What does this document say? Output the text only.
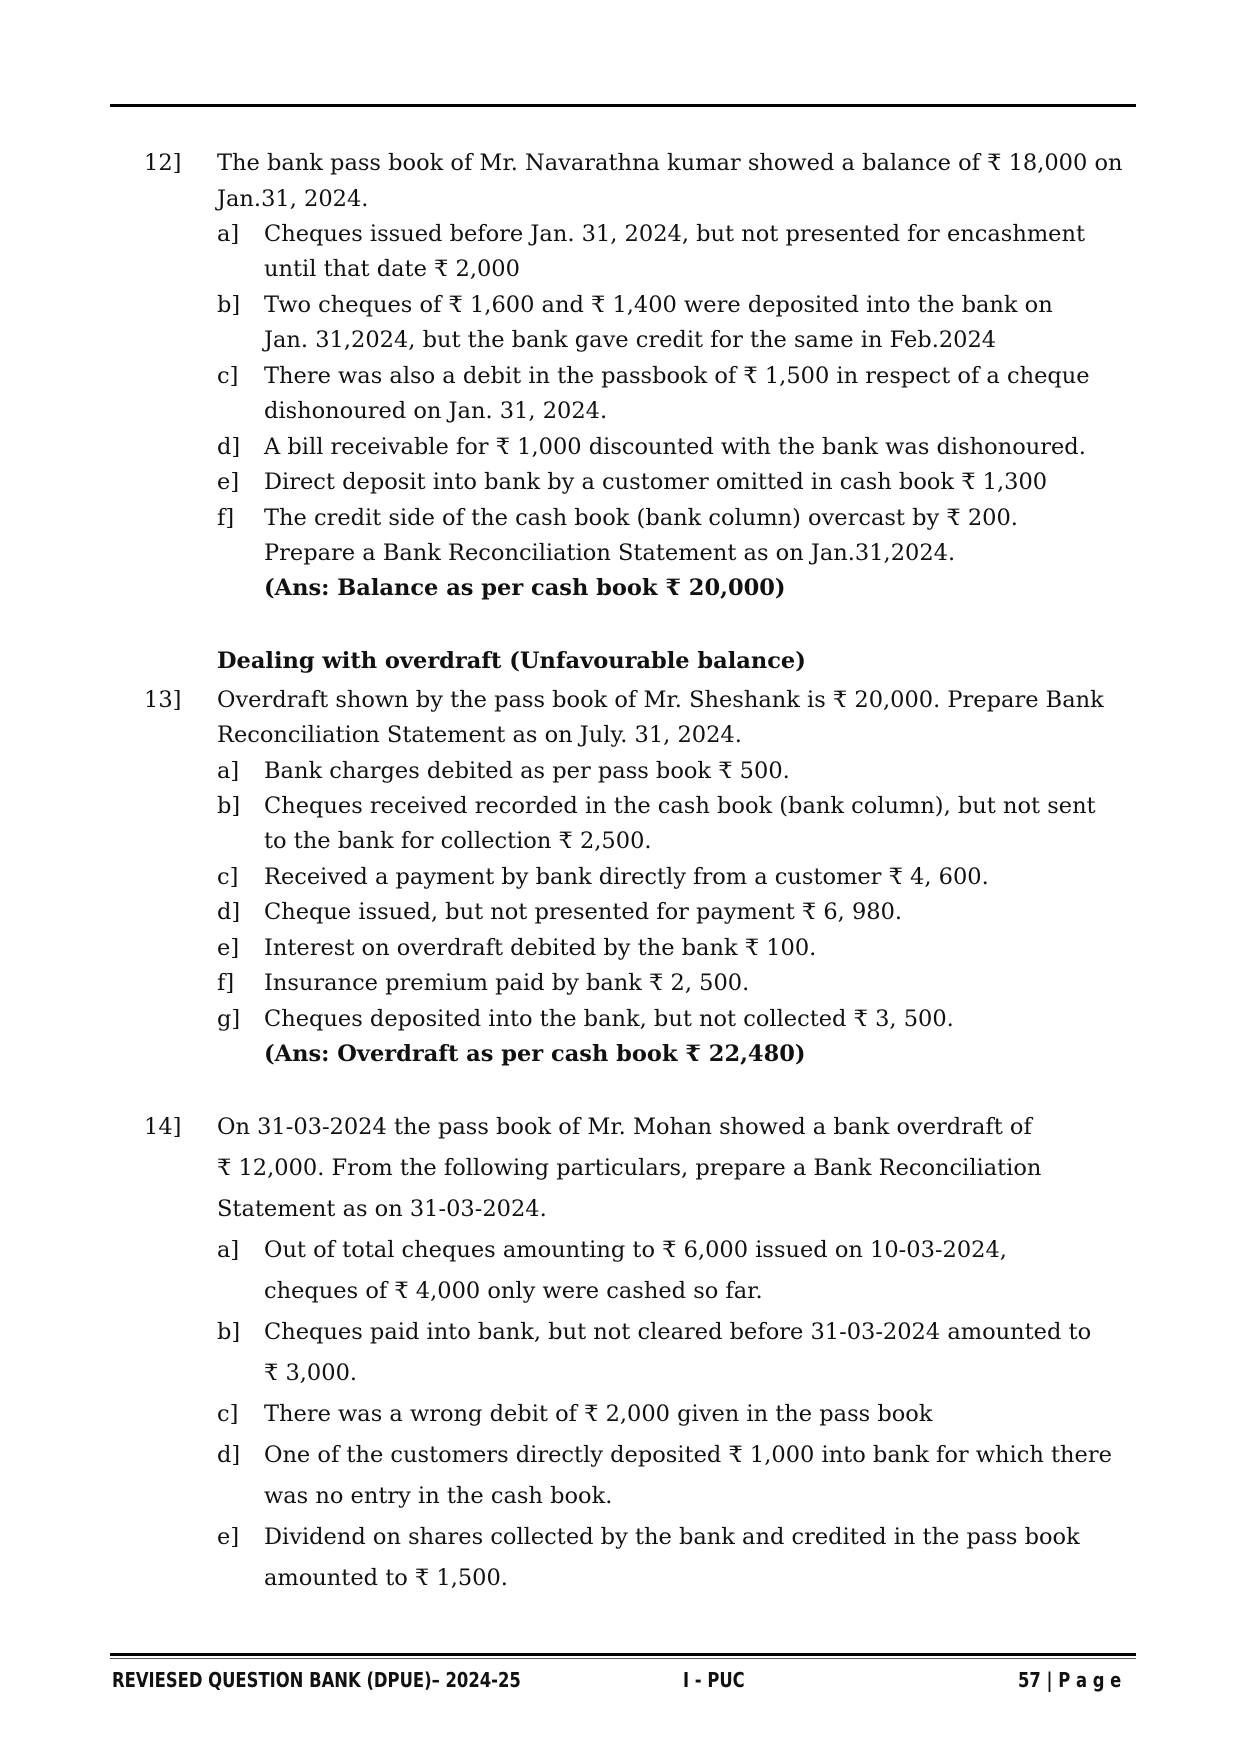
12] The bank pass book of Mr. Navarathna kumar showed a balance of ₹ 18,000 on
Jan.31, 2024.
a] Cheques issued before Jan. 31, 2024, but not presented for encashment
until that date ₹ 2,000
b] Two cheques of ₹ 1,600 and ₹ 1,400 were deposited into the bank on
Jan. 31,2024, but the bank gave credit for the same in Feb.2024
c] There was also a debit in the passbook of ₹ 1,500 in respect of a cheque
dishonoured on Jan. 31, 2024.
d] A bill receivable for ₹ 1,000 discounted with the bank was dishonoured.
e] Direct deposit into bank by a customer omitted in cash book ₹ 1,300
f] The credit side of the cash book (bank column) overcast by ₹ 200.
Prepare a Bank Reconciliation Statement as on Jan.31,2024.
(Ans: Balance as per cash book ₹ 20,000)
Dealing with overdraft (Unfavourable balance)
13] Overdraft shown by the pass book of Mr. Sheshank is ₹ 20,000. Prepare Bank
Reconciliation Statement as on July. 31, 2024.
a] Bank charges debited as per pass book ₹ 500.
b] Cheques received recorded in the cash book (bank column), but not sent
to the bank for collection ₹ 2,500.
c] Received a payment by bank directly from a customer ₹ 4, 600.
d] Cheque issued, but not presented for payment ₹ 6, 980.
e] Interest on overdraft debited by the bank ₹ 100.
f] Insurance premium paid by bank ₹ 2, 500.
g] Cheques deposited into the bank, but not collected ₹ 3, 500.
(Ans: Overdraft as per cash book ₹ 22,480)
14] On 31-03-2024 the pass book of Mr. Mohan showed a bank overdraft of
₹ 12,000. From the following particulars, prepare a Bank Reconciliation
Statement as on 31-03-2024.
a] Out of total cheques amounting to ₹ 6,000 issued on 10-03-2024,
cheques of ₹ 4,000 only were cashed so far.
b] Cheques paid into bank, but not cleared before 31-03-2024 amounted to
₹ 3,000.
c] There was a wrong debit of ₹ 2,000 given in the pass book
d] One of the customers directly deposited ₹ 1,000 into bank for which there
was no entry in the cash book.
e] Dividend on shares collected by the bank and credited in the pass book
amounted to ₹ 1,500.
REVIESED QUESTION BANK (DPUE)– 2024-25	I - PUC	57 | P a g e
